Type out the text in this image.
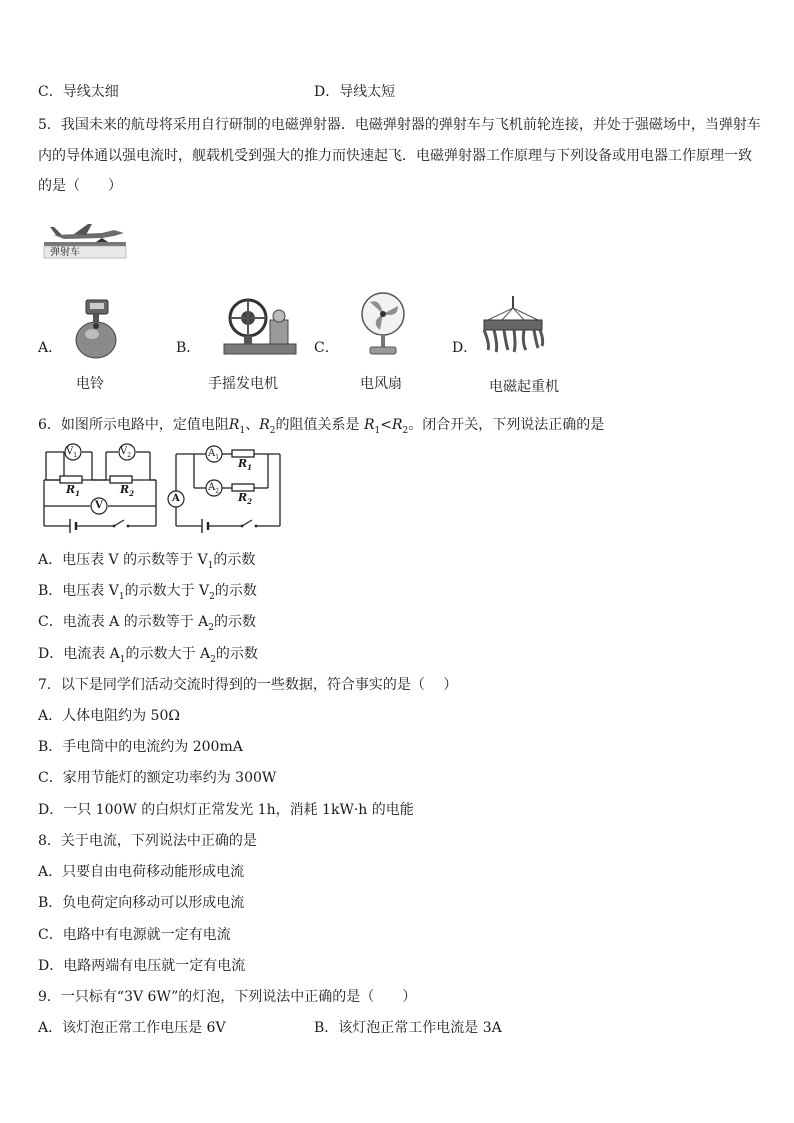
C．导线太细	D．导线太短
5．我国未来的航母将采用自行研制的电磁弹射器．电磁弹射器的弹射车与飞机前轮连接，并处于强磁场中，当弹射车
内的导体通以强电流时，舰载机受到强大的推力而快速起飞．电磁弹射器工作原理与下列设备或用电器工作原理一致
的是（　　）
弹射车
A．
电铃
B．
手摇发电机
C．
电风扇
D．
电磁起重机
6．如图所示电路中，定值电阻$R_1$、$R_2$的阻值关系是 $R_1<R_2$。闭合开关，下列说法正确的是
$V_1$	$V_2$
$R_1$	$R_2$
V
$A_1$
$A_2$
$R_1$
$R_2$
A
A．电压表 V 的示数等于 $V_1$的示数
B．电压表 $V_1$的示数大于 $V_2$的示数
C．电流表 A 的示数等于 $A_2$的示数
D．电流表 $A_1$的示数大于 $A_2$的示数
7．以下是同学们活动交流时得到的一些数据，符合事实的是（　 ）
A．人体电阻约为 50Ω
B．手电筒中的电流约为 200mA
C．家用节能灯的额定功率约为 300W
D．一只 100W 的白炽灯正常发光 1h，消耗 1kW·h 的电能
8．关于电流，下列说法中正确的是
A．只要自由电荷移动能形成电流
B．负电荷定向移动可以形成电流
C．电路中有电源就一定有电流
D．电路两端有电压就一定有电流
9．一只标有“3V 6W”的灯泡，下列说法中正确的是（　　）
A．该灯泡正常工作电压是 6V	B．该灯泡正常工作电流是 3A
